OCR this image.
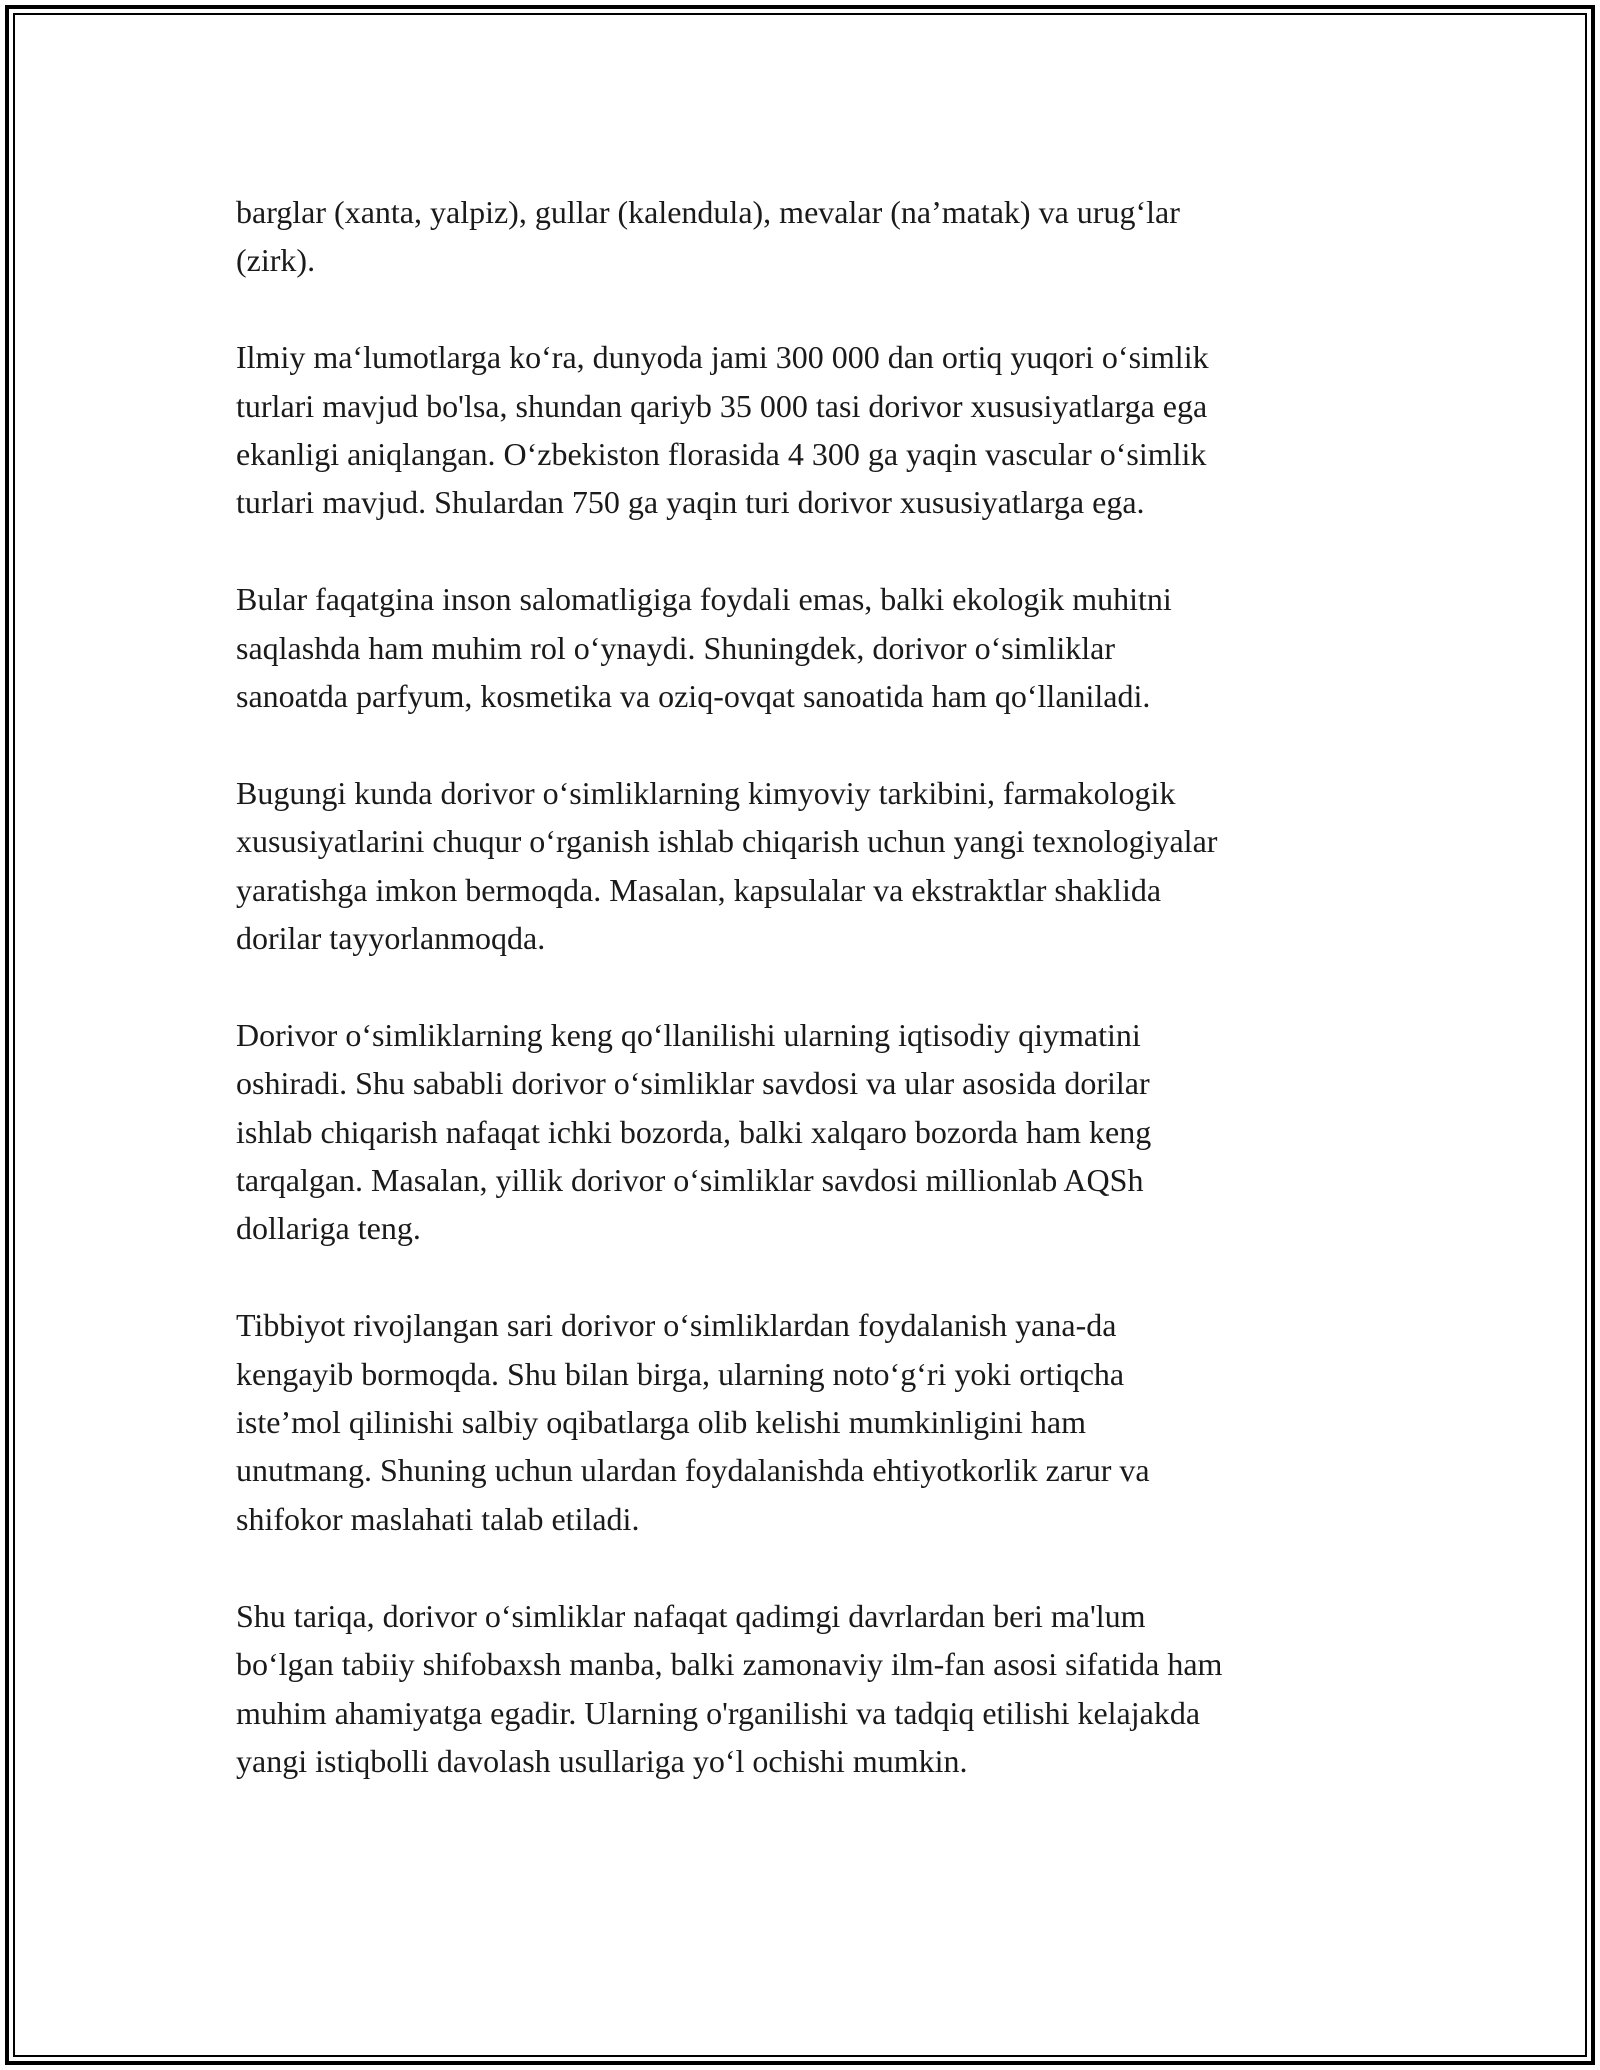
barglar (xanta, yalpiz), gullar (kalendula), mevalar (na’matak) va urug‘lar
(zirk).

Ilmiy ma‘lumotlarga ko‘ra, dunyoda jami 300 000 dan ortiq yuqori o‘simlik
turlari mavjud bo'lsa, shundan qariyb 35 000 tasi dorivor xususiyatlarga ega
ekanligi aniqlangan. O‘zbekiston florasida 4 300 ga yaqin vascular o‘simlik
turlari mavjud. Shulardan 750 ga yaqin turi dorivor xususiyatlarga ega.

Bular faqatgina inson salomatligiga foydali emas, balki ekologik muhitni
saqlashda ham muhim rol o‘ynaydi. Shuningdek, dorivor o‘simliklar
sanoatda parfyum, kosmetika va oziq-ovqat sanoatida ham qo‘llaniladi.

Bugungi kunda dorivor o‘simliklarning kimyoviy tarkibini, farmakologik
xususiyatlarini chuqur o‘rganish ishlab chiqarish uchun yangi texnologiyalar
yaratishga imkon bermoqda. Masalan, kapsulalar va ekstraktlar shaklida
dorilar tayyorlanmoqda.

Dorivor o‘simliklarning keng qo‘llanilishi ularning iqtisodiy qiymatini
oshiradi. Shu sababli dorivor o‘simliklar savdosi va ular asosida dorilar
ishlab chiqarish nafaqat ichki bozorda, balki xalqaro bozorda ham keng
tarqalgan. Masalan, yillik dorivor o‘simliklar savdosi millionlab AQSh
dollariga teng.

Tibbiyot rivojlangan sari dorivor o‘simliklardan foydalanish yana-da
kengayib bormoqda. Shu bilan birga, ularning noto‘g‘ri yoki ortiqcha
iste’mol qilinishi salbiy oqibatlarga olib kelishi mumkinligini ham
unutmang. Shuning uchun ulardan foydalanishda ehtiyotkorlik zarur va
shifokor maslahati talab etiladi.

Shu tariqa, dorivor o‘simliklar nafaqat qadimgi davrlardan beri ma'lum
bo‘lgan tabiiy shifobaxsh manba, balki zamonaviy ilm-fan asosi sifatida ham
muhim ahamiyatga egadir. Ularning o'rganilishi va tadqiq etilishi kelajakda
yangi istiqbolli davolash usullariga yo‘l ochishi mumkin.
